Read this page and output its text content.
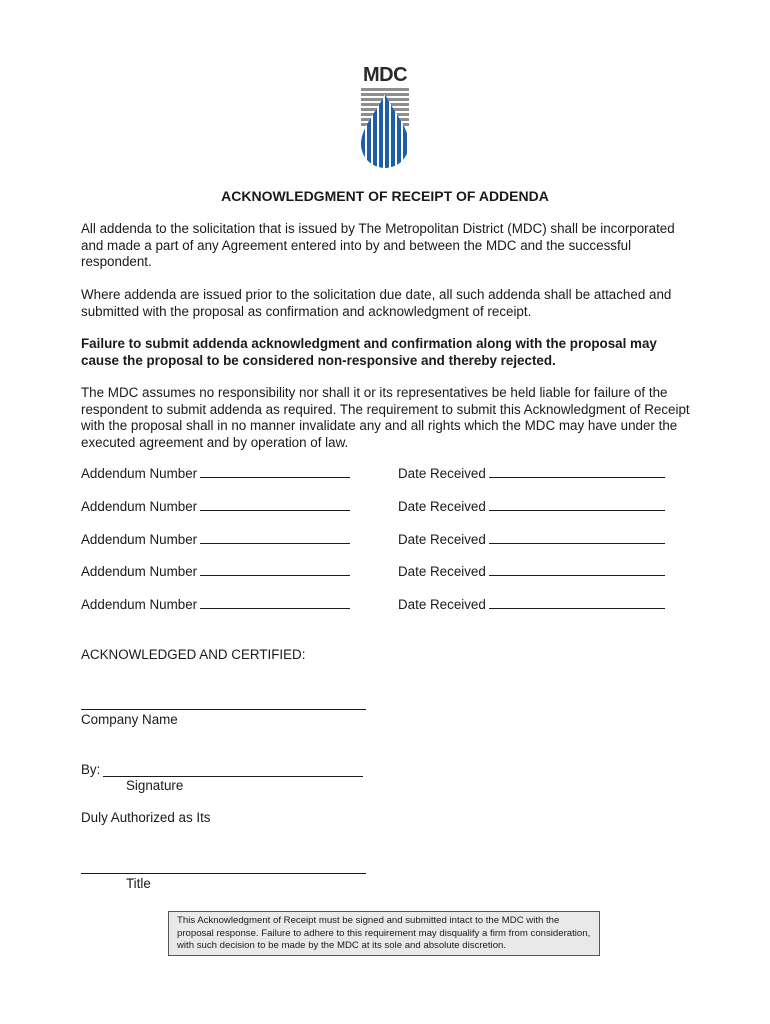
MDC
ACKNOWLEDGMENT OF RECEIPT OF ADDENDA

All addenda to the solicitation that is issued by The Metropolitan District (MDC) shall be incorporated and made a part of any Agreement entered into by and between the MDC and the successful respondent.

Where addenda are issued prior to the solicitation due date, all such addenda shall be attached and submitted with the proposal as confirmation and acknowledgment of receipt.

Failure to submit addenda acknowledgment and confirmation along with the proposal may cause the proposal to be considered non-responsive and thereby rejected.

The MDC assumes no responsibility nor shall it or its representatives be held liable for failure of the respondent to submit addenda as required. The requirement to submit this Acknowledgment of Receipt with the proposal shall in no manner invalidate any and all rights which the MDC may have under the executed agreement and by operation of law.

Addendum Number	Date Received
Addendum Number	Date Received
Addendum Number	Date Received
Addendum Number	Date Received
Addendum Number	Date Received

ACKNOWLEDGED AND CERTIFIED:

Company Name

By:

Signature

Duly Authorized as Its

Title

This Acknowledgment of Receipt must be signed and submitted intact to the MDC with the proposal response. Failure to adhere to this requirement may disqualify a firm from consideration, with such decision to be made by the MDC at its sole and absolute discretion.
